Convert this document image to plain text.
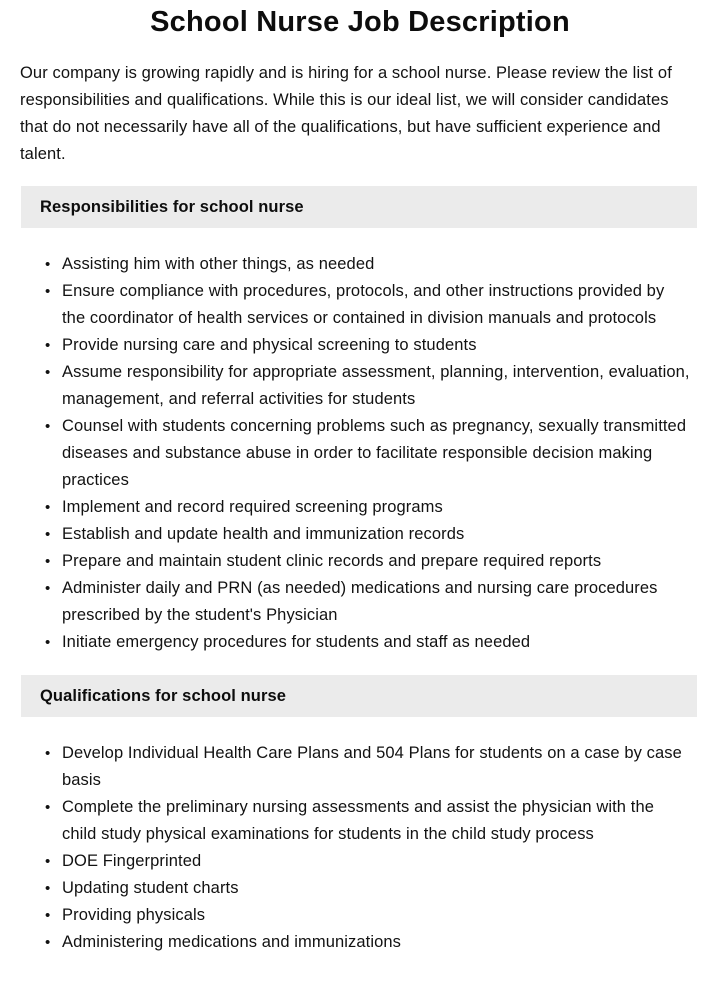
School Nurse Job Description

Our company is growing rapidly and is hiring for a school nurse. Please review the list of responsibilities and qualifications. While this is our ideal list, we will consider candidates that do not necessarily have all of the qualifications, but have sufficient experience and talent.

Responsibilities for school nurse
• Assisting him with other things, as needed
• Ensure compliance with procedures, protocols, and other instructions provided by the coordinator of health services or contained in division manuals and protocols
• Provide nursing care and physical screening to students
• Assume responsibility for appropriate assessment, planning, intervention, evaluation, management, and referral activities for students
• Counsel with students concerning problems such as pregnancy, sexually transmitted diseases and substance abuse in order to facilitate responsible decision making practices
• Implement and record required screening programs
• Establish and update health and immunization records
• Prepare and maintain student clinic records and prepare required reports
• Administer daily and PRN (as needed) medications and nursing care procedures prescribed by the student's Physician
• Initiate emergency procedures for students and staff as needed
Qualifications for school nurse
• Develop Individual Health Care Plans and 504 Plans for students on a case by case basis
• Complete the preliminary nursing assessments and assist the physician with the child study physical examinations for students in the child study process
• DOE Fingerprinted
• Updating student charts
• Providing physicals
• Administering medications and immunizations
